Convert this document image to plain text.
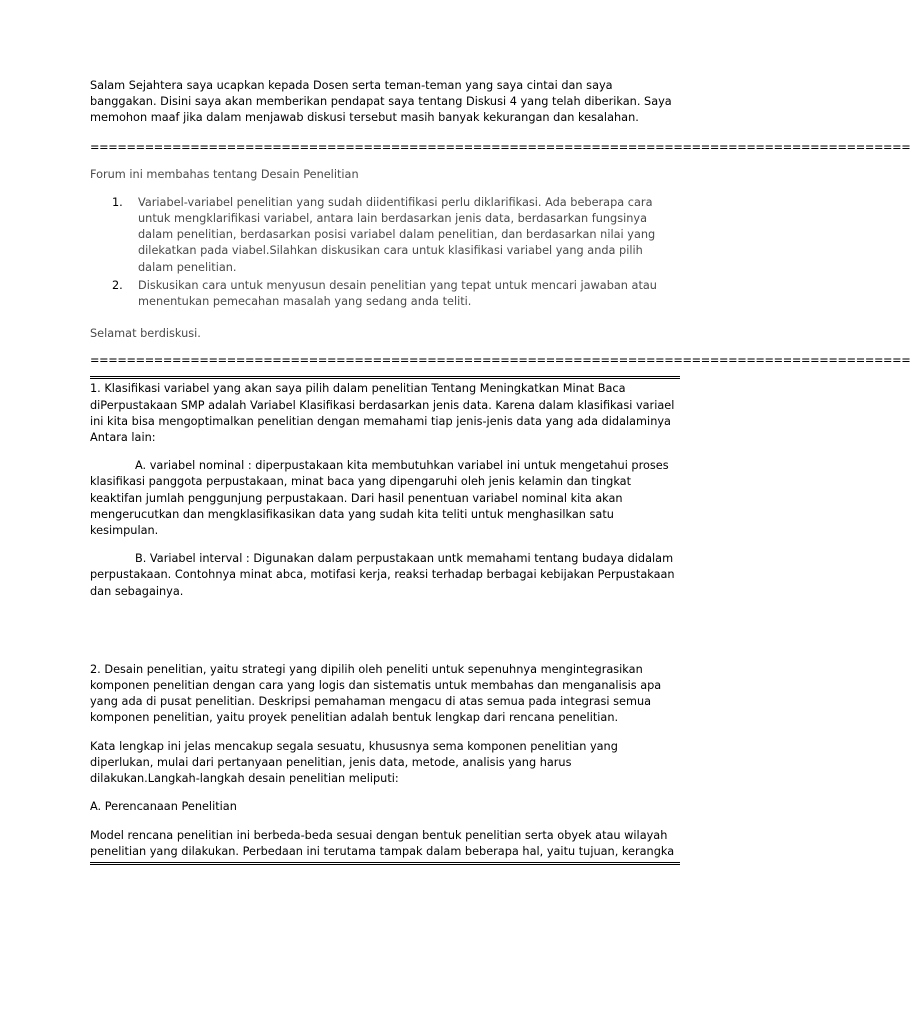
Salam Sejahtera saya ucapkan kepada Dosen serta teman-teman yang saya cintai dan saya banggakan. Disini saya akan memberikan pendapat saya tentang Diskusi 4 yang telah diberikan. Saya memohon maaf jika dalam menjawab diskusi tersebut masih banyak kekurangan dan kesalahan.

==========================================================================================

Forum ini membahas tentang Desain Penelitian

1.	Variabel-variabel penelitian yang sudah diidentifikasi perlu diklarifikasi. Ada beberapa cara untuk mengklarifikasi variabel, antara lain berdasarkan jenis data, berdasarkan fungsinya dalam penelitian, berdasarkan posisi variabel dalam penelitian, dan berdasarkan nilai yang dilekatkan pada viabel.Silahkan diskusikan cara untuk klasifikasi variabel yang anda pilih dalam penelitian.
2.	Diskusikan cara untuk menyusun desain penelitian yang tepat untuk mencari jawaban atau menentukan pemecahan masalah yang sedang anda teliti.

Selamat berdiskusi.

==========================================================================================

1. Klasifikasi variabel yang akan saya pilih dalam penelitian Tentang Meningkatkan Minat Baca diPerpustakaan SMP adalah Variabel Klasifikasi berdasarkan jenis data. Karena dalam klasifikasi variael ini kita bisa mengoptimalkan penelitian dengan memahami tiap jenis-jenis data yang ada didalaminya Antara lain:

A. variabel nominal : diperpustakaan kita membutuhkan variabel ini untuk mengetahui proses klasifikasi panggota perpustakaan, minat baca yang dipengaruhi oleh jenis kelamin dan tingkat keaktifan jumlah penggunjung perpustakaan. Dari hasil penentuan variabel nominal kita akan mengerucutkan dan mengklasifikasikan data yang sudah kita teliti untuk menghasilkan satu kesimpulan.

B. Variabel interval : Digunakan dalam perpustakaan untk memahami tentang budaya didalam perpustakaan. Contohnya minat abca, motifasi kerja, reaksi terhadap berbagai kebijakan Perpustakaan dan sebagainya.

2. Desain penelitian, yaitu strategi yang dipilih oleh peneliti untuk sepenuhnya mengintegrasikan komponen penelitian dengan cara yang logis dan sistematis untuk membahas dan menganalisis apa yang ada di pusat penelitian. Deskripsi pemahaman mengacu di atas semua pada integrasi semua komponen penelitian, yaitu proyek penelitian adalah bentuk lengkap dari rencana penelitian.

Kata lengkap ini jelas mencakup segala sesuatu, khususnya sema komponen penelitian yang diperlukan, mulai dari pertanyaan penelitian, jenis data, metode, analisis yang harus dilakukan.Langkah-langkah desain penelitian meliputi:

A. Perencanaan Penelitian

Model rencana penelitian ini berbeda-beda sesuai dengan bentuk penelitian serta obyek atau wilayah penelitian yang dilakukan. Perbedaan ini terutama tampak dalam beberapa hal, yaitu tujuan, kerangka
